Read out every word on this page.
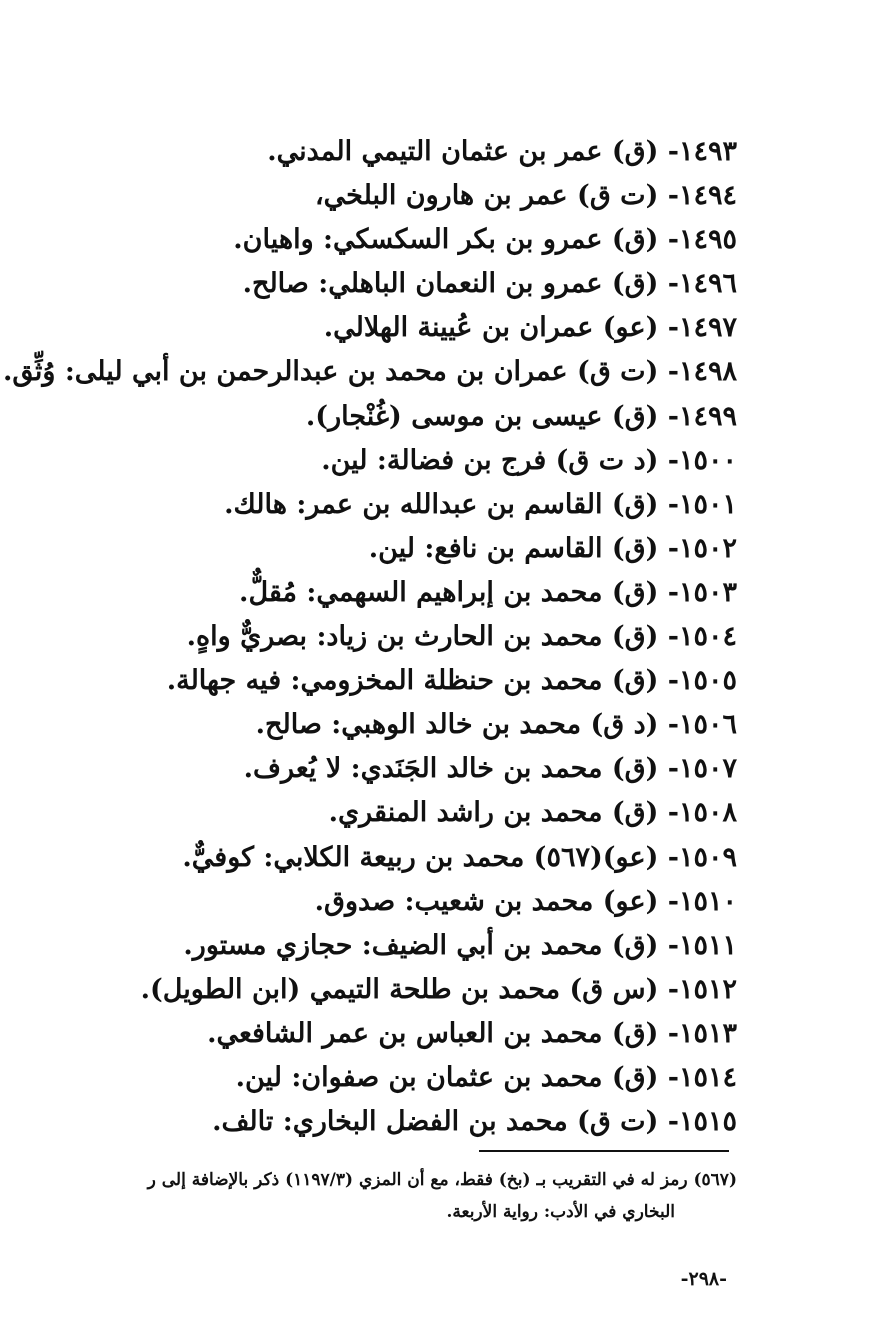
١٤٩٣- (ق) عمر بن عثمان التيمي المدني.
١٤٩٤- (ت ق) عمر بن هارون البلخي،
١٤٩٥- (ق) عمرو بن بكر السكسكي: واهيان.
١٤٩٦- (ق) عمرو بن النعمان الباهلي: صالح.
١٤٩٧- (عو) عمران بن عُيينة الهلالي.
١٤٩٨- (ت ق) عمران بن محمد بن عبدالرحمن بن أبي ليلى: وُثِّق.
١٤٩٩- (ق) عيسى بن موسى (غُنْجار).
١٥٠٠- (د ت ق) فرج بن فضالة: لين.
١٥٠١- (ق) القاسم بن عبدالله بن عمر: هالك.
١٥٠٢- (ق) القاسم بن نافع: لين.
١٥٠٣- (ق) محمد بن إبراهيم السهمي: مُقلٌّ.
١٥٠٤- (ق) محمد بن الحارث بن زياد: بصريٌّ واهٍ.
١٥٠٥- (ق) محمد بن حنظلة المخزومي: فيه جهالة.
١٥٠٦- (د ق) محمد بن خالد الوهبي: صالح.
١٥٠٧- (ق) محمد بن خالد الجَنَدي: لا يُعرف.
١٥٠٨- (ق) محمد بن راشد المنقري.
١٥٠٩- (عو)(٥٦٧) محمد بن ربيعة الكلابي: كوفيٌّ.
١٥١٠- (عو) محمد بن شعيب: صدوق.
١٥١١- (ق) محمد بن أبي الضيف: حجازي مستور.
١٥١٢- (س ق) محمد بن طلحة التيمي (ابن الطويل).
١٥١٣- (ق) محمد بن العباس بن عمر الشافعي.
١٥١٤- (ق) محمد بن عثمان بن صفوان: لين.
١٥١٥- (ت ق) محمد بن الفضل البخاري: تالف.
(٥٦٧) رمز له في التقريب بـ (بخ) فقط، مع أن المزي (١١٩٧/٣) ذكر بالإضافة إلى ر
البخاري في الأدب: رواية الأربعة.
-٢٩٨-
